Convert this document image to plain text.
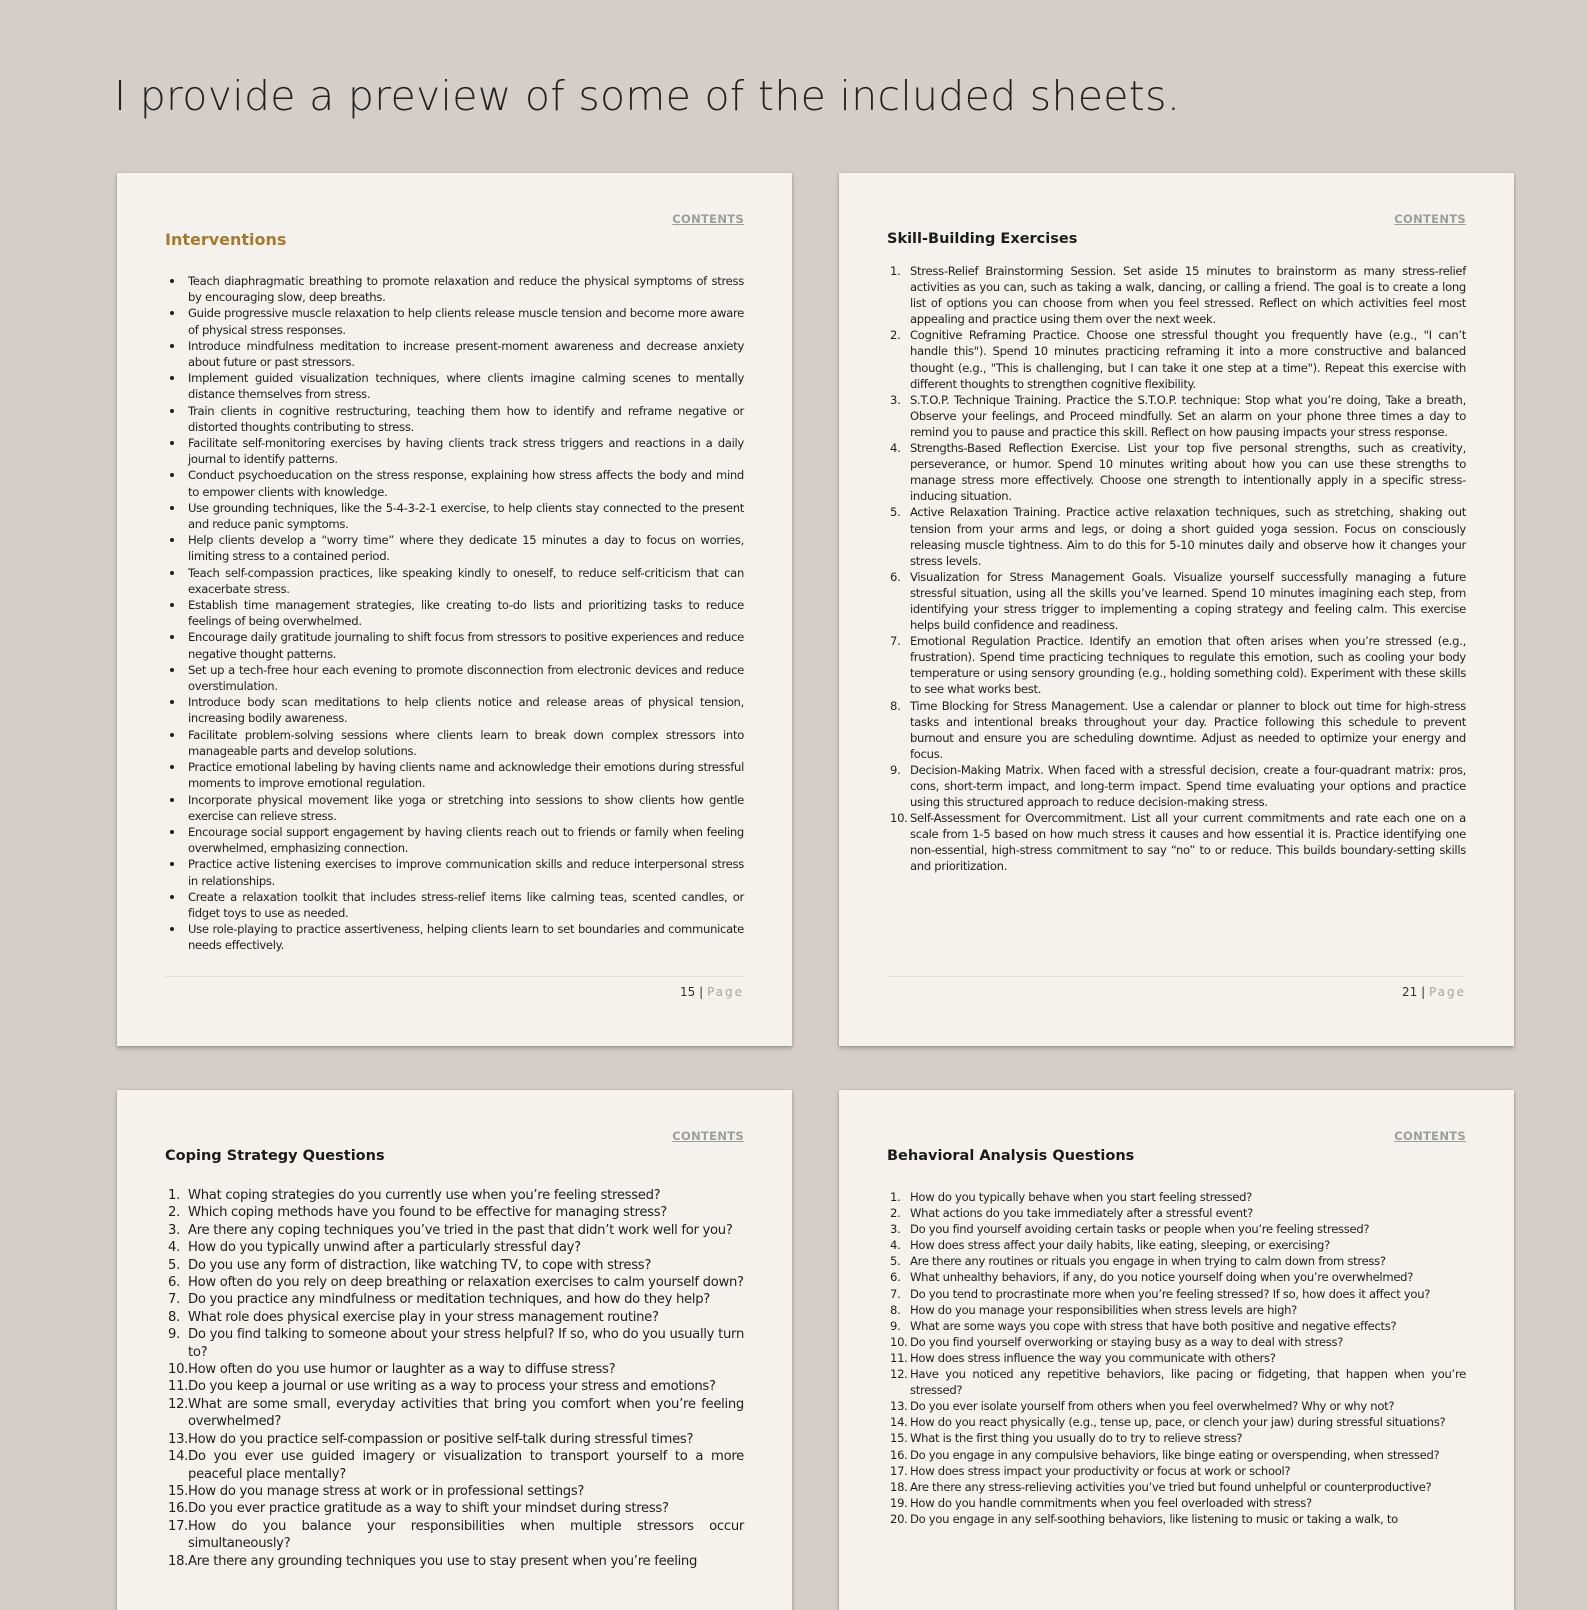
I provide a preview of some of the included sheets.
CONTENTS
Interventions
Teach diaphragmatic breathing to promote relaxation and reduce the physical symptoms of stress by encouraging slow, deep breaths.
Guide progressive muscle relaxation to help clients release muscle tension and become more aware of physical stress responses.
Introduce mindfulness meditation to increase present-moment awareness and decrease anxiety about future or past stressors.
Implement guided visualization techniques, where clients imagine calming scenes to mentally distance themselves from stress.
Train clients in cognitive restructuring, teaching them how to identify and reframe negative or distorted thoughts contributing to stress.
Facilitate self-monitoring exercises by having clients track stress triggers and reactions in a daily journal to identify patterns.
Conduct psychoeducation on the stress response, explaining how stress affects the body and mind to empower clients with knowledge.
Use grounding techniques, like the 5-4-3-2-1 exercise, to help clients stay connected to the present and reduce panic symptoms.
Help clients develop a “worry time” where they dedicate 15 minutes a day to focus on worries, limiting stress to a contained period.
Teach self-compassion practices, like speaking kindly to oneself, to reduce self-criticism that can exacerbate stress.
Establish time management strategies, like creating to-do lists and prioritizing tasks to reduce feelings of being overwhelmed.
Encourage daily gratitude journaling to shift focus from stressors to positive experiences and reduce negative thought patterns.
Set up a tech-free hour each evening to promote disconnection from electronic devices and reduce overstimulation.
Introduce body scan meditations to help clients notice and release areas of physical tension, increasing bodily awareness.
Facilitate problem-solving sessions where clients learn to break down complex stressors into manageable parts and develop solutions.
Practice emotional labeling by having clients name and acknowledge their emotions during stressful moments to improve emotional regulation.
Incorporate physical movement like yoga or stretching into sessions to show clients how gentle exercise can relieve stress.
Encourage social support engagement by having clients reach out to friends or family when feeling overwhelmed, emphasizing connection.
Practice active listening exercises to improve communication skills and reduce interpersonal stress in relationships.
Create a relaxation toolkit that includes stress-relief items like calming teas, scented candles, or fidget toys to use as needed.
Use role-playing to practice assertiveness, helping clients learn to set boundaries and communicate needs effectively.
15 | Page
CONTENTS
Skill-Building Exercises
1. Stress-Relief Brainstorming Session. Set aside 15 minutes to brainstorm as many stress-relief activities as you can, such as taking a walk, dancing, or calling a friend. The goal is to create a long list of options you can choose from when you feel stressed. Reflect on which activities feel most appealing and practice using them over the next week.
2. Cognitive Reframing Practice. Choose one stressful thought you frequently have (e.g., "I can’t handle this"). Spend 10 minutes practicing reframing it into a more constructive and balanced thought (e.g., "This is challenging, but I can take it one step at a time"). Repeat this exercise with different thoughts to strengthen cognitive flexibility.
3. S.T.O.P. Technique Training. Practice the S.T.O.P. technique: Stop what you’re doing, Take a breath, Observe your feelings, and Proceed mindfully. Set an alarm on your phone three times a day to remind you to pause and practice this skill. Reflect on how pausing impacts your stress response.
4. Strengths-Based Reflection Exercise. List your top five personal strengths, such as creativity, perseverance, or humor. Spend 10 minutes writing about how you can use these strengths to manage stress more effectively. Choose one strength to intentionally apply in a specific stress-inducing situation.
5. Active Relaxation Training. Practice active relaxation techniques, such as stretching, shaking out tension from your arms and legs, or doing a short guided yoga session. Focus on consciously releasing muscle tightness. Aim to do this for 5-10 minutes daily and observe how it changes your stress levels.
6. Visualization for Stress Management Goals. Visualize yourself successfully managing a future stressful situation, using all the skills you’ve learned. Spend 10 minutes imagining each step, from identifying your stress trigger to implementing a coping strategy and feeling calm. This exercise helps build confidence and readiness.
7. Emotional Regulation Practice. Identify an emotion that often arises when you’re stressed (e.g., frustration). Spend time practicing techniques to regulate this emotion, such as cooling your body temperature or using sensory grounding (e.g., holding something cold). Experiment with these skills to see what works best.
8. Time Blocking for Stress Management. Use a calendar or planner to block out time for high-stress tasks and intentional breaks throughout your day. Practice following this schedule to prevent burnout and ensure you are scheduling downtime. Adjust as needed to optimize your energy and focus.
9. Decision-Making Matrix. When faced with a stressful decision, create a four-quadrant matrix: pros, cons, short-term impact, and long-term impact. Spend time evaluating your options and practice using this structured approach to reduce decision-making stress.
10. Self-Assessment for Overcommitment. List all your current commitments and rate each one on a scale from 1-5 based on how much stress it causes and how essential it is. Practice identifying one non-essential, high-stress commitment to say “no” to or reduce. This builds boundary-setting skills and prioritization.
21 | Page
CONTENTS
Coping Strategy Questions
1. What coping strategies do you currently use when you’re feeling stressed?
2. Which coping methods have you found to be effective for managing stress?
3. Are there any coping techniques you’ve tried in the past that didn’t work well for you?
4. How do you typically unwind after a particularly stressful day?
5. Do you use any form of distraction, like watching TV, to cope with stress?
6. How often do you rely on deep breathing or relaxation exercises to calm yourself down?
7. Do you practice any mindfulness or meditation techniques, and how do they help?
8. What role does physical exercise play in your stress management routine?
9. Do you find talking to someone about your stress helpful? If so, who do you usually turn to?
10. How often do you use humor or laughter as a way to diffuse stress?
11. Do you keep a journal or use writing as a way to process your stress and emotions?
12. What are some small, everyday activities that bring you comfort when you’re feeling overwhelmed?
13. How do you practice self-compassion or positive self-talk during stressful times?
14. Do you ever use guided imagery or visualization to transport yourself to a more peaceful place mentally?
15. How do you manage stress at work or in professional settings?
16. Do you ever practice gratitude as a way to shift your mindset during stress?
17. How do you balance your responsibilities when multiple stressors occur simultaneously?
18. Are there any grounding techniques you use to stay present when you’re feeling
CONTENTS
Behavioral Analysis Questions
1. How do you typically behave when you start feeling stressed?
2. What actions do you take immediately after a stressful event?
3. Do you find yourself avoiding certain tasks or people when you’re feeling stressed?
4. How does stress affect your daily habits, like eating, sleeping, or exercising?
5. Are there any routines or rituals you engage in when trying to calm down from stress?
6. What unhealthy behaviors, if any, do you notice yourself doing when you’re overwhelmed?
7. Do you tend to procrastinate more when you’re feeling stressed? If so, how does it affect you?
8. How do you manage your responsibilities when stress levels are high?
9. What are some ways you cope with stress that have both positive and negative effects?
10. Do you find yourself overworking or staying busy as a way to deal with stress?
11. How does stress influence the way you communicate with others?
12. Have you noticed any repetitive behaviors, like pacing or fidgeting, that happen when you’re stressed?
13. Do you ever isolate yourself from others when you feel overwhelmed? Why or why not?
14. How do you react physically (e.g., tense up, pace, or clench your jaw) during stressful situations?
15. What is the first thing you usually do to try to relieve stress?
16. Do you engage in any compulsive behaviors, like binge eating or overspending, when stressed?
17. How does stress impact your productivity or focus at work or school?
18. Are there any stress-relieving activities you’ve tried but found unhelpful or counterproductive?
19. How do you handle commitments when you feel overloaded with stress?
20. Do you engage in any self-soothing behaviors, like listening to music or taking a walk, to
